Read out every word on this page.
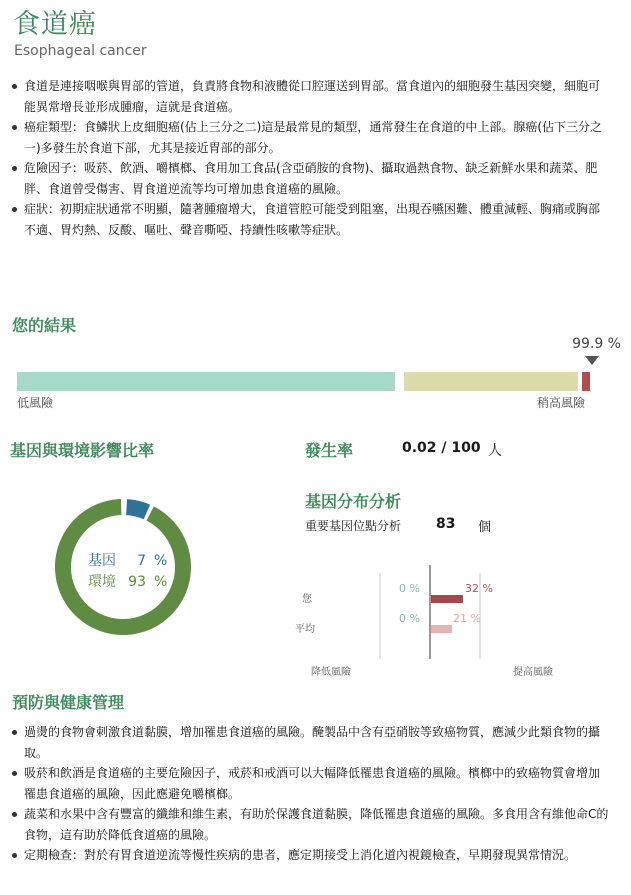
食道癌
Esophageal cancer
食道是連接咽喉與胃部的管道，負責將食物和液體從口腔運送到胃部。當食道內的細胞發生基因突變，細胞可能異常增長並形成腫瘤，這就是食道癌。
癌症類型：食鱗狀上皮細胞癌(佔上三分之二)這是最常見的類型，通常發生在食道的中上部。腺癌(佔下三分之一)多發生於食道下部，尤其是接近胃部的部分。
危險因子：吸菸、飲酒、嚼檳榔、食用加工食品(含亞硝胺的食物)、攝取過熱食物、缺乏新鮮水果和蔬菜、肥胖、食道曾受傷害、胃食道逆流等均可增加患食道癌的風險。
症狀：初期症狀通常不明顯，隨著腫瘤增大，食道管腔可能受到阻塞，出現吞嚥困難、體重減輕、胸痛或胸部不適、胃灼熱、反酸、嘔吐、聲音嘶啞、持續性咳嗽等症狀。
您的結果
99.9 %
低風險	稍高風險
基因與環境影響比率
基因 7 %
環境 93 %
發生率	0.02 / 100 人
基因分布分析
重要基因位點分析 83 個
您
0 %	32 %
平均
0 %	21 %
降低風險	提高風險
預防與健康管理
過燙的食物會刺激食道黏膜，增加罹患食道癌的風險。醃製品中含有亞硝胺等致癌物質，應減少此類食物的攝取。
吸菸和飲酒是食道癌的主要危險因子，戒菸和戒酒可以大幅降低罹患食道癌的風險。檳榔中的致癌物質會增加罹患食道癌的風險，因此應避免嚼檳榔。
蔬菜和水果中含有豐富的纖維和維生素，有助於保護食道黏膜，降低罹患食道癌的風險。多食用含有維他命C的食物，這有助於降低食道癌的風險。
定期檢查：對於有胃食道逆流等慢性疾病的患者，應定期接受上消化道內視鏡檢查，早期發現異常情況。
